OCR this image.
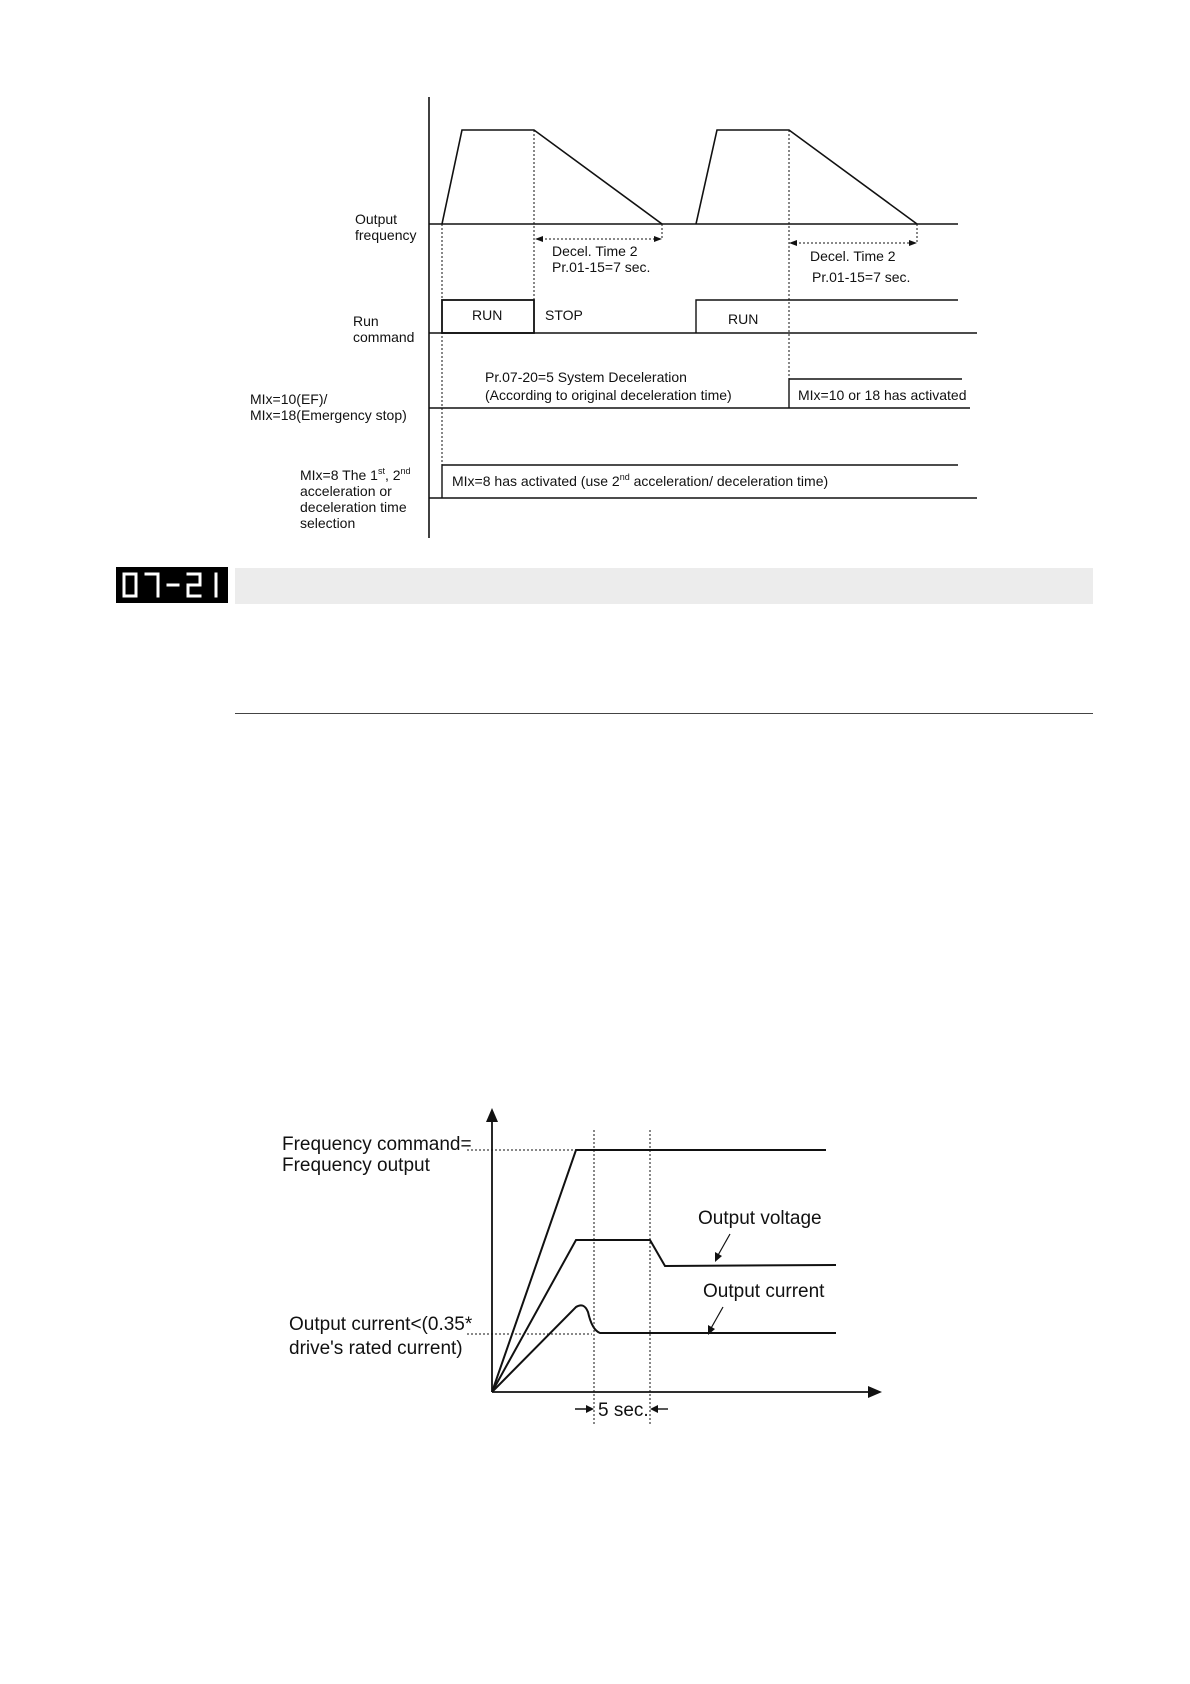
Decel. Time 2
Pr.01-15=7 sec.
Decel. Time 2
Pr.01-15=7 sec.
Output
frequency
Run
command
MIx=10(EF)/
MIx=18(Emergency stop)
MIx=8 The 1st, 2nd
acceleration or
deceleration time
selection
RUN	STOP	RUN
Pr.07-20=5 System Deceleration
(According to original deceleration time)	MIx=10 or 18 has activated
MIx=8 has activated (use 2nd acceleration/ deceleration time)
Frequency command=
Frequency output
Output voltage
Output current
Output current<(0.35*
drive's rated current)
5 sec.
